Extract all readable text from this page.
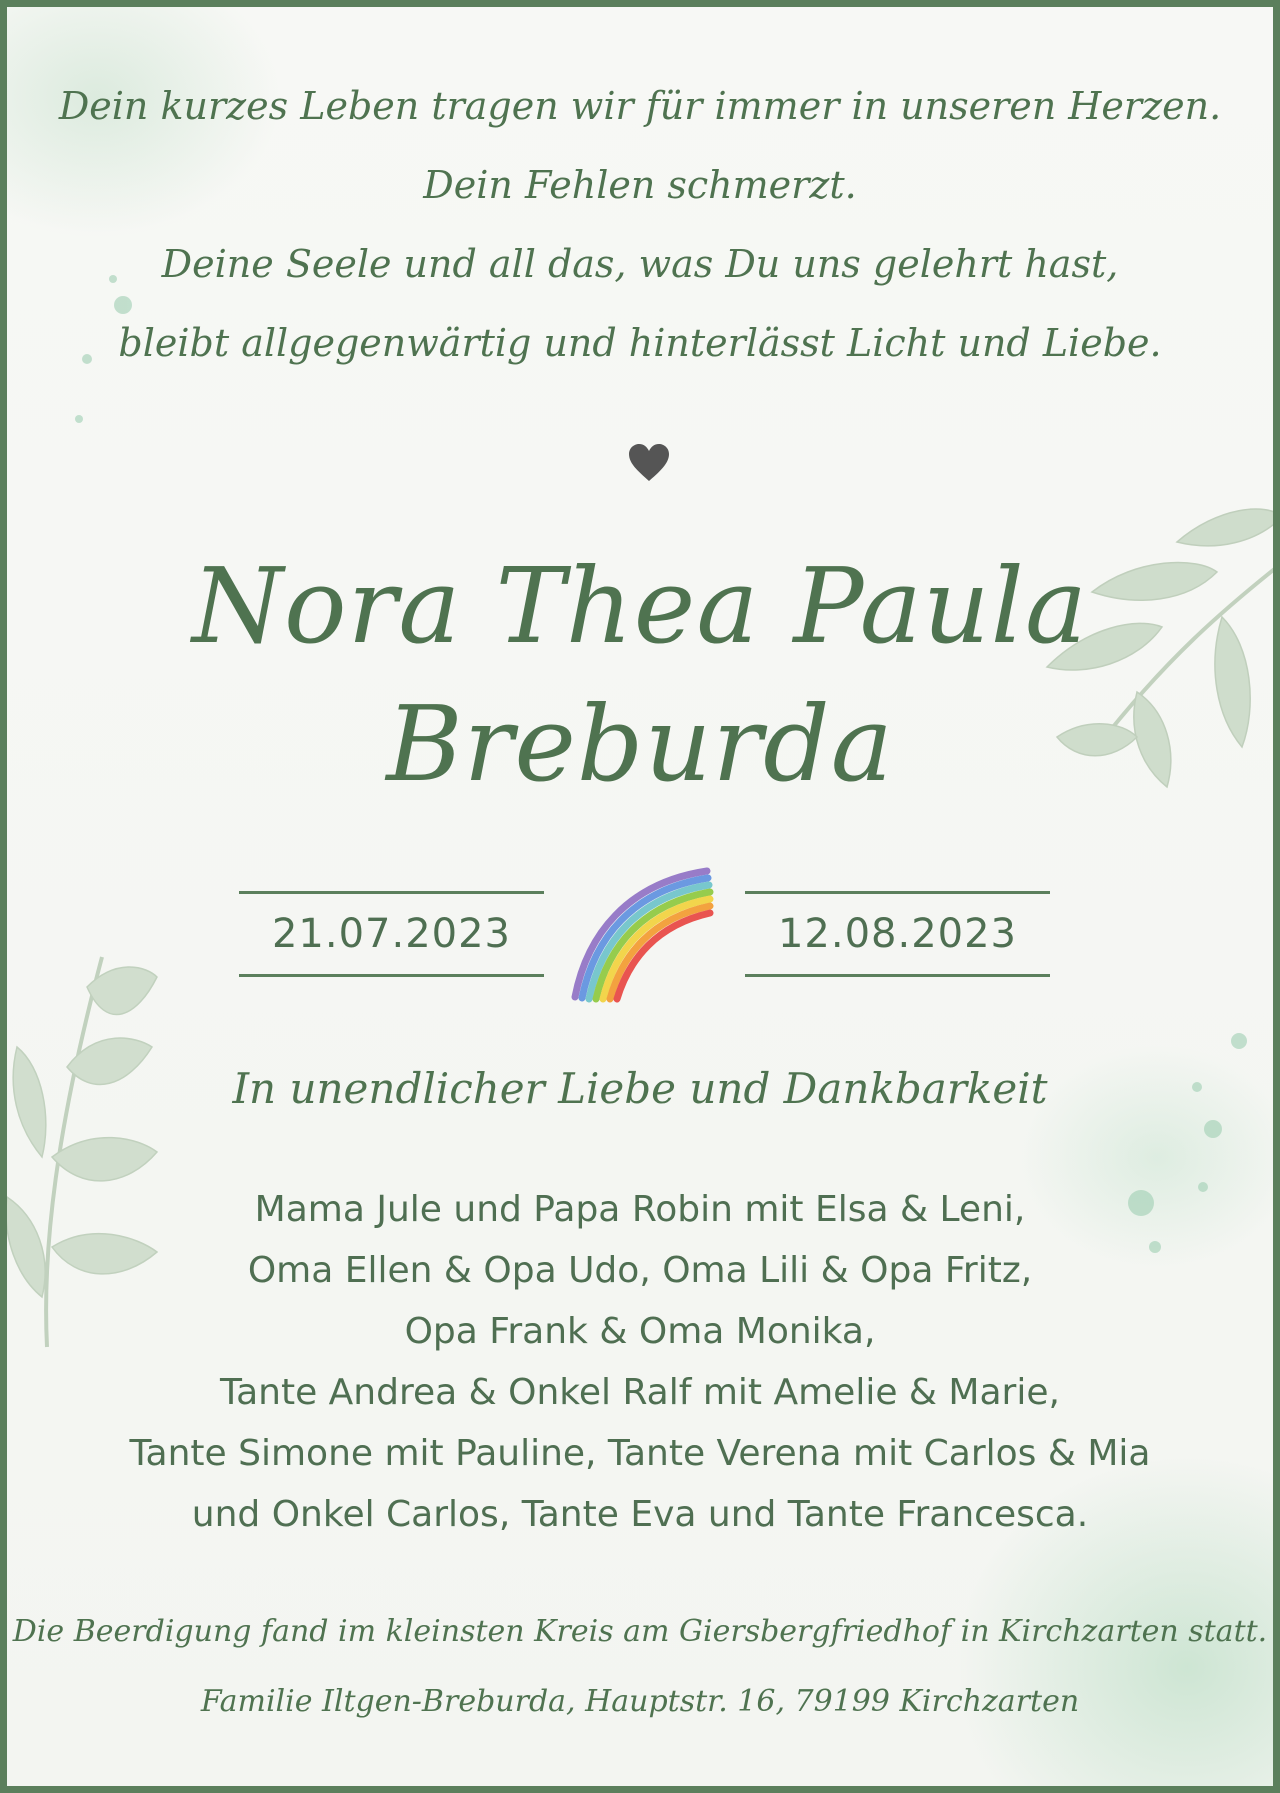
Dein kurzes Leben tragen wir für immer in unseren Herzen.
Dein Fehlen schmerzt.
Deine Seele und all das, was Du uns gelehrt hast,
bleibt allgegenwärtig und hinterlässt Licht und Liebe.
Nora Thea Paula
Breburda
21.07.2023	12.08.2023
In unendlicher Liebe und Dankbarkeit
Mama Jule und Papa Robin mit Elsa & Leni,
Oma Ellen & Opa Udo, Oma Lili & Opa Fritz,
Opa Frank & Oma Monika,
Tante Andrea & Onkel Ralf mit Amelie & Marie,
Tante Simone mit Pauline, Tante Verena mit Carlos & Mia
und Onkel Carlos, Tante Eva und Tante Francesca.
Die Beerdigung fand im kleinsten Kreis am Giersbergfriedhof in Kirchzarten statt.
Familie Iltgen-Breburda, Hauptstr. 16, 79199 Kirchzarten
